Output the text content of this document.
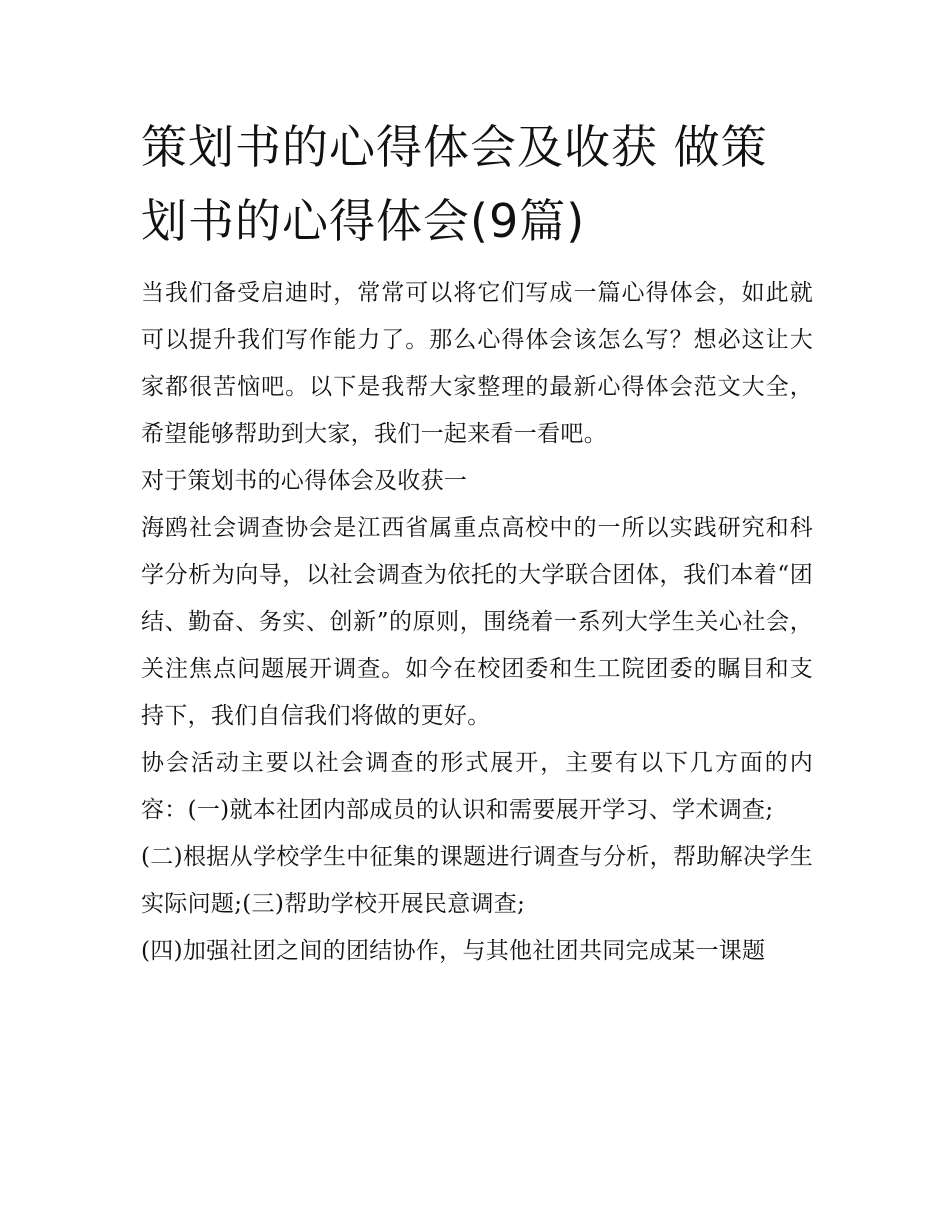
策划书的心得体会及收获 做策划书的心得体会(9篇)

当我们备受启迪时，常常可以将它们写成一篇心得体会，如此就可以提升我们写作能力了。那么心得体会该怎么写？想必这让大家都很苦恼吧。以下是我帮大家整理的最新心得体会范文大全，希望能够帮助到大家，我们一起来看一看吧。

对于策划书的心得体会及收获一

海鸥社会调查协会是江西省属重点高校中的一所以实践研究和科学分析为向导，以社会调查为依托的大学联合团体，我们本着“团结、勤奋、务实、创新”的原则，围绕着一系列大学生关心社会，关注焦点问题展开调查。如今在校团委和生工院团委的瞩目和支持下，我们自信我们将做的更好。

协会活动主要以社会调查的形式展开，主要有以下几方面的内容：(一)就本社团内部成员的认识和需要展开学习、学术调查;

(二)根据从学校学生中征集的课题进行调查与分析，帮助解决学生实际问题;(三)帮助学校开展民意调查;

(四)加强社团之间的团结协作，与其他社团共同完成某一课题
